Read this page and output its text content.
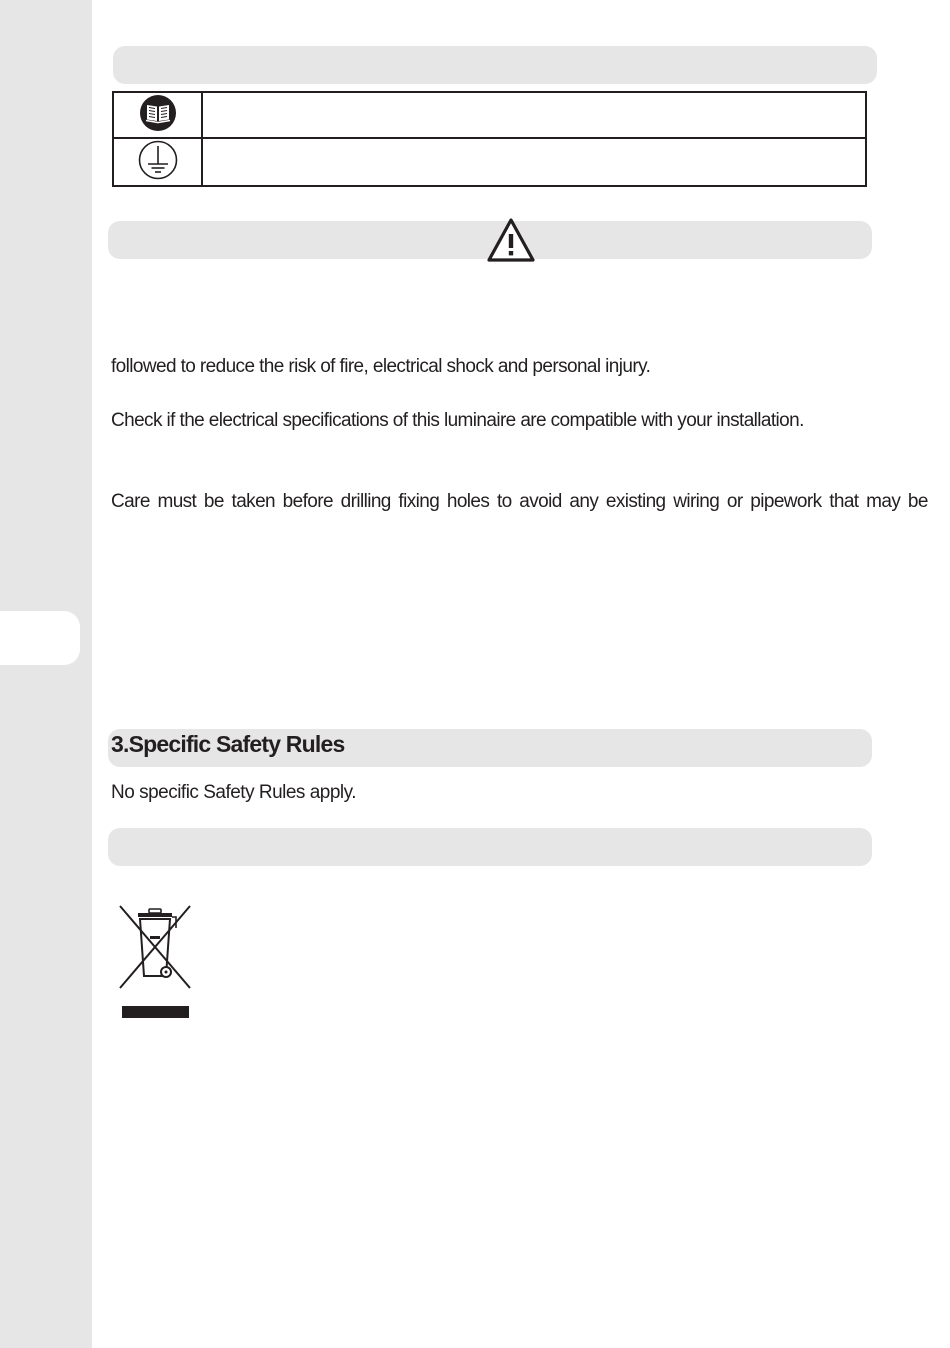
followed to reduce the risk of fire, electrical shock and personal injury.
Check if the electrical specifications of this luminaire are compatible with your installation.
Care must be taken before drilling fixing holes to avoid any existing wiring or pipework that may be
3.Specific Safety Rules
No specific Safety Rules apply.
